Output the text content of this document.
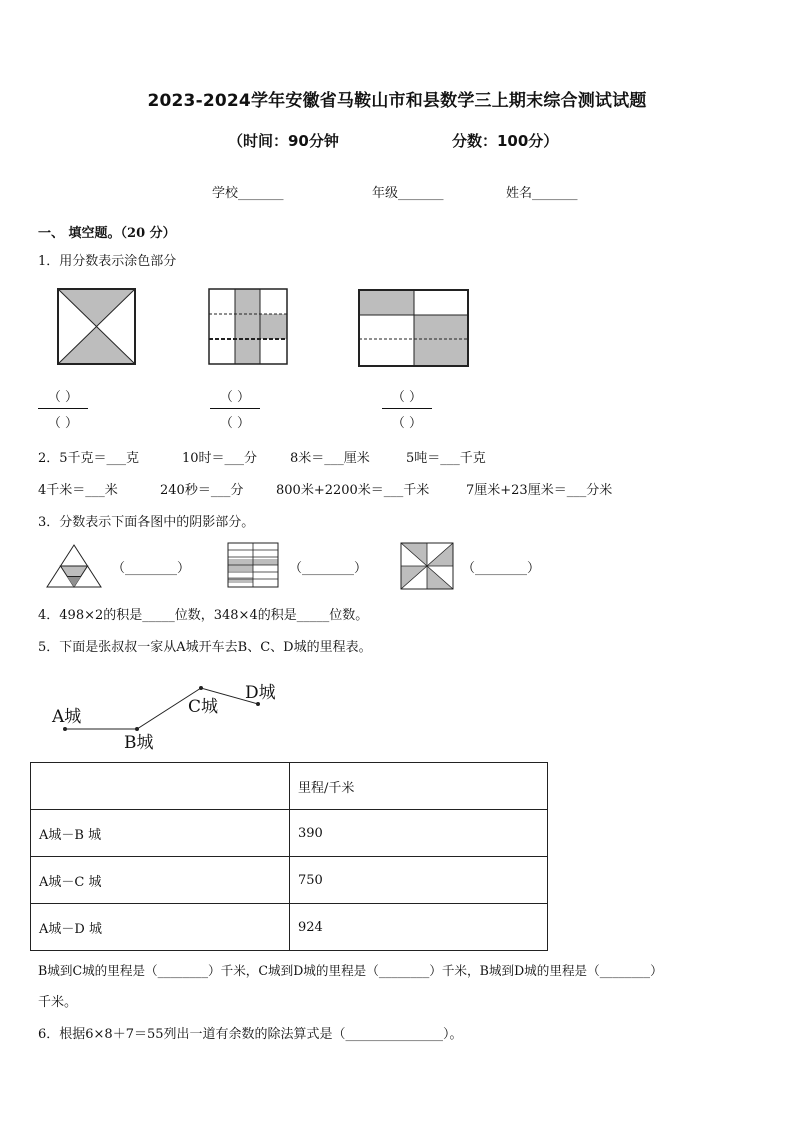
2023-2024学年安徽省马鞍山市和县数学三上期末综合测试试题
（时间：90分钟	分数：100分）
学校_______	年级_______	姓名_______
一、 填空题。（20 分）
1．用分数表示涂色部分
（ ）
（ ）
（ ）
（ ）
（ ）
（ ）
2．5千克＝___克	10时＝___分	8米＝___厘米	5吨＝___千克
4千米＝___米	240秒＝___分	800米+2200米＝___千米	7厘米+23厘米＝___分米
3．分数表示下面各图中的阴影部分。
（________）	（________）	（________）
4．498×2的积是_____位数，348×4的积是_____位数。
5．下面是张叔叔一家从A城开车去B、C、D城的里程表。
A城
B城
C城
D城
	里程/千米
A城－B 城	390
A城－C 城	750
A城－D 城	924
B城到C城的里程是（________）千米，C城到D城的里程是（________）千米，B城到D城的里程是（________）
千米。
6．根据6×8＋7＝55列出一道有余数的除法算式是（_______________）。
